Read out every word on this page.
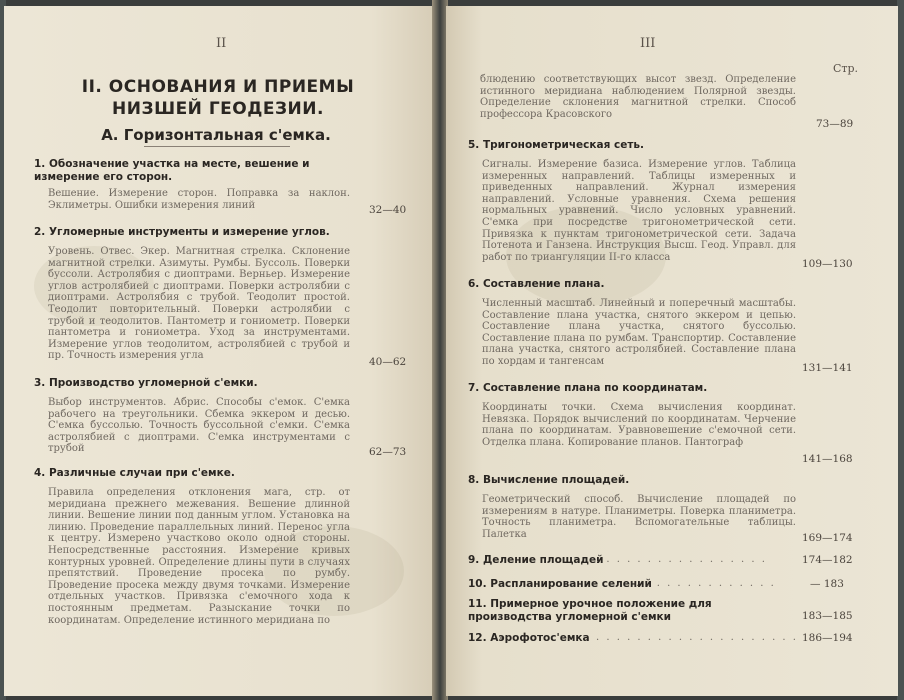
II
II. ОСНОВАНИЯ И ПРИЕМЫ НИЗШЕЙ ГЕОДЕЗИИ.
А. Горизонтальная с'емка.
1. Обозначение участка на месте, вешение и измерение его сторон.
Вешение. Измерение сторон. Поправка за наклон. Эклиметры. Ошибки измерения линий	32—40
2. Угломерные инструменты и измерение углов.
Уровень. Отвес. Экер. Магнитная стрелка. Склонение магнитной стрелки. Азимуты. Румбы. Буссоль. Поверки буссоли. Астролябия с диоптрами. Верньер. Измерение углов астролябией с диоптрами. Поверки астролябии с диоптрами. Астролябия с трубой. Теодолит простой. Теодолит повторительный. Поверки астролябии с трубой и теодолитов. Пантометр и гониометр. Поверки пантометра и гониометра. Уход за инструментами. Измерение углов теодолитом, астролябией с трубой и пр. Точность измерения угла
40—62
3. Производство угломерной с'емки.
Выбор инструментов. Абрис. Способы с'емок. С'емка рабочего на треугольники. Сбемка эккером и десью. С'емка буссолью. Точность буссольной с'емки. С'емка астролябией с диоптрами. С'емка инструментами с трубой	62—73
4. Различные случаи при с'емке.
Правила определения отклонения мага, стр. от меридиана прежнего межевания. Вешение длинной линии. Вешение линии под данным углом. Установка на линию. Проведение параллельных линий. Перенос угла к центру. Измерено участково около одной стороны. Непосредственные расстояния. Измерение кривых контурных уровней. Определение длины пути в случаях препятствий. Проведение просека по румбу. Проведение просека между двумя точками. Измерение отдельных участков. Привязка с'емочного хода к постоянным предметам. Разыскание точки по координатам. Определение истинного меридиана по
III
Стр.
блюдению соответствующих высот звезд. Определение истинного меридиана наблюдением Полярной звезды. Определение склонения магнитной стрелки. Способ профессора Красовского
73—89
5. Тригонометрическая сеть.
Сигналы. Измерение базиса. Измерение углов. Таблица измеренных направлений. Таблицы измеренных и приведенных направлений. Журнал измерения направлений. Условные уравнения. Схема решения нормальных уравнений. Число условных уравнений. С'емка при посредстве тригонометрической сети. Привязка к пунктам тригонометрической сети. Задача Потенота и Ганзена. Инструкция Высш. Геод. Управл. для работ по триангуляции II-го класса
109—130
6. Составление плана.
Численный масштаб. Линейный и поперечный масштабы. Составление плана участка, снятого эккером и цепью. Составление плана участка, снятого буссолью. Составление плана по румбам. Транспортир. Составление плана участка, снятого астролябией. Составление плана по хордам и тангенсам
131—141
7. Составление плана по координатам.
Координаты точки. Схема вычисления координат. Невязка. Порядок вычислений по координатам. Черчение плана по координатам. Уравновешение с'емочной сети. Отделка плана. Копирование планов. Пантограф
141—168
8. Вычисление площадей.
Геометрический способ. Вычисление площадей по измерениям в натуре. Планиметры. Поверка планиметра. Точность планиметра. Вспомогательные таблицы. Палетка	169—174
9. Деление площадей
. . . . . . . . . . . . . . . . .	174—182
10. Распланирование селений
. . . . . . . . . . . . . .	— 183
11. Примерное урочное положение для производства угломерной с'емки	183—185
12. Аэрофотос'емка . . . . . . . . . . . . . . . . . . . . 186—194
